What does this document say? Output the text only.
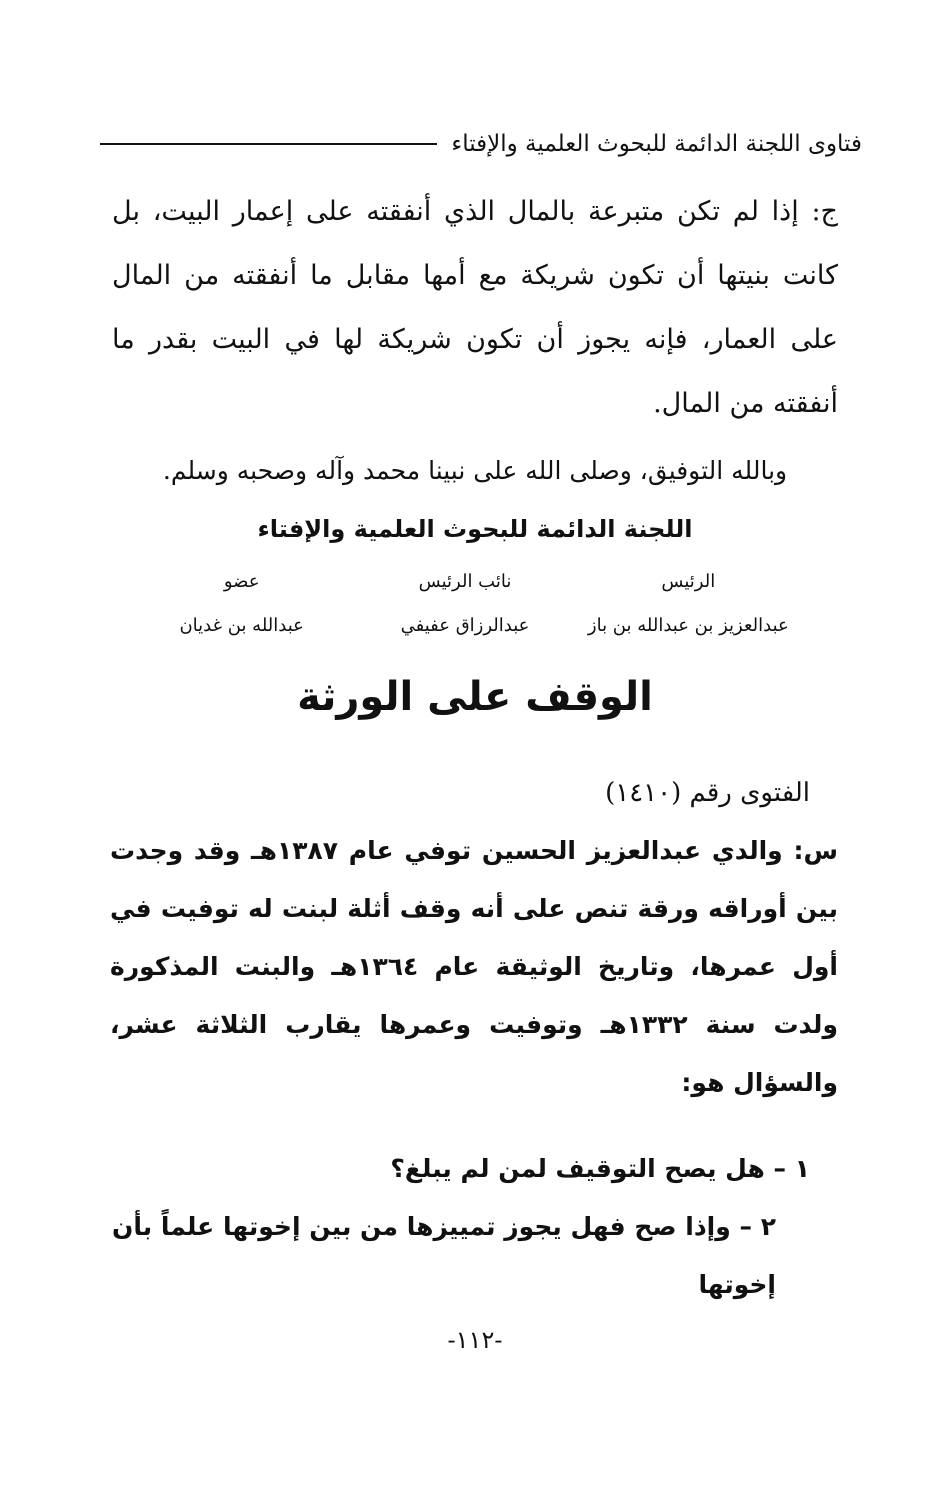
فتاوى اللجنة الدائمة للبحوث العلمية والإفتاء

ج: إذا لم تكن متبرعة بالمال الذي أنفقته على إعمار البيت، بل كانت بنيتها أن تكون شريكة مع أمها مقابل ما أنفقته من المال على العمار، فإنه يجوز أن تكون شريكة لها في البيت بقدر ما أنفقته من المال.

وبالله التوفيق، وصلى الله على نبينا محمد وآله وصحبه وسلم.

اللجنة الدائمة للبحوث العلمية والإفتاء

الرئيس
نائب الرئيس
عضو
عبدالعزيز بن عبدالله بن باز
عبدالرزاق عفيفي
عبدالله بن غديان
الوقف على الورثة

الفتوى رقم (١٤١٠)

س: والدي عبدالعزيز الحسين توفي عام ١٣٨٧هـ وقد وجدت بين أوراقه ورقة تنص على أنه وقف أثلة لبنت له توفيت في أول عمرها، وتاريخ الوثيقة عام ١٣٦٤هـ والبنت المذكورة ولدت سنة ١٣٣٢هـ وتوفيت وعمرها يقارب الثلاثة عشر، والسؤال هو:

١ – هل يصح التوقيف لمن لم يبلغ؟

٢ – وإذا صح فهل يجوز تمييزها من بين إخوتها علماً بأن إخوتها

-١١٢-
